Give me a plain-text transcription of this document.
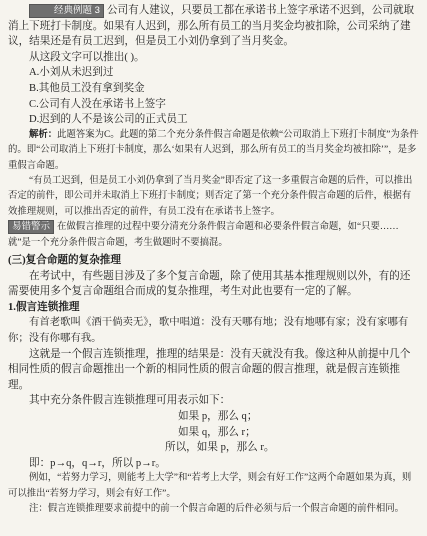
经典例题 3 公司有人建议，只要员工都在承诺书上签字承诺不迟到，公司就取消上下班打卡制度。如果有人迟到，那么所有员工的当月奖金均被扣除，公司采纳了建议，结果还是有员工迟到，但是员工小刘仍拿到了当月奖金。

从这段文字可以推出( )。

A.小刘从未迟到过

B.其他员工没有拿到奖金

C.公司有人没在承诺书上签字

D.迟到的人不是该公司的正式员工

解析：此题答案为C。此题的第二个充分条件假言命题是依赖“公司取消上下班打卡制度”为条件的。即“公司取消上下班打卡制度，那么‘如果有人迟到，那么所有员工的当月奖金均被扣除’”，是多重假言命题。

“有员工迟到，但是员工小刘仍拿到了当月奖金”即否定了这一多重假言命题的后件，可以推出否定的前件，即公司并未取消上下班打卡制度；则否定了第一个充分条件假言命题的后件，根据有效推理规则，可以推出否定的前件，有员工没有在承诺书上签字。

易错警示 在做假言推理的过程中要分清充分条件假言命题和必要条件假言命题，如“只要……就”是一个充分条件假言命题，考生做题时不要搞混。

(三)复合命题的复杂推理

在考试中，有些题目涉及了多个复言命题，除了使用其基本推理规则以外，有的还需要使用多个复言命题组合而成的复杂推理，考生对此也要有一定的了解。

1.假言连锁推理

有首老歌叫《酒干倘卖无》，歌中唱道：没有天哪有地；没有地哪有家；没有家哪有你；没有你哪有我。

这就是一个假言连锁推理，推理的结果是：没有天就没有我。像这种从前提中几个相同性质的假言命题推出一个新的相同性质的假言命题的假言推理，就是假言连锁推理。

其中充分条件假言连锁推理可用表示如下：

如果 p，那么 q；

如果 q，那么 r；

所以，如果 p，那么 r。

即：p→q，q→r，所以 p→r。

例如，“若努力学习，则能考上大学”和“若考上大学，则会有好工作”这两个命题如果为真，则可以推出“若努力学习，则会有好工作”。

注：假言连锁推理要求前提中的前一个假言命题的后件必须与后一个假言命题的前件相同。
